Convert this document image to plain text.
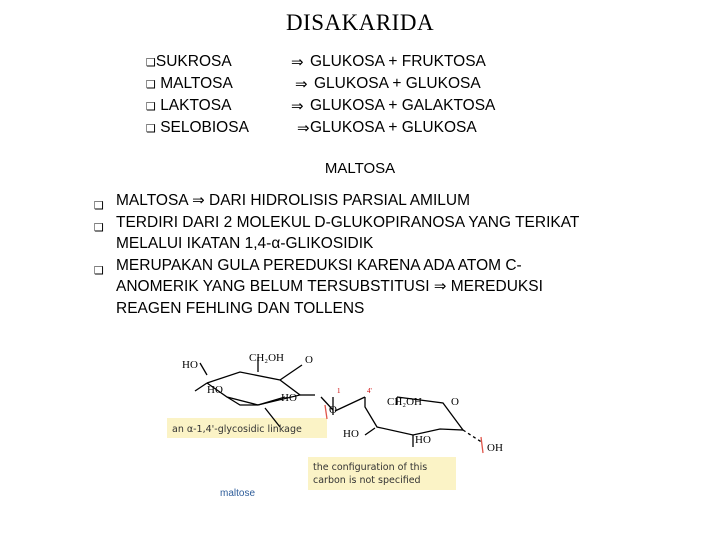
DISAKARIDA
❑SUKROSA	⇒ GLUKOSA + FRUKTOSA
❑ MALTOSA	⇒ GLUKOSA + GLUKOSA
❑ LAKTOSA	⇒ GLUKOSA + GALAKTOSA
❑ SELOBIOSA	⇒ GLUKOSA + GLUKOSA
MALTOSA
❑ MALTOSA ⇒ DARI HIDROLISIS PARSIAL AMILUM
❑ TERDIRI DARI 2 MOLEKUL D-GLUKOPIRANOSA YANG TERIKAT
MELALUI IKATAN 1,4-α-GLIKOSIDIK
❑ MERUPAKAN GULA PEREDUKSI KARENA ADA ATOM C-
ANOMERIK YANG BELUM TERSUBSTITUSI ⇒ MEREDUKSI
REAGEN FEHLING DAN TOLLENS
HO
CH₂OH O
HO
HO
1	4'
O
CH₂OH	O
HO	HO
OH
an α-1,4'-glycosidic linkage
the configuration of this
carbon is not specified
maltose
